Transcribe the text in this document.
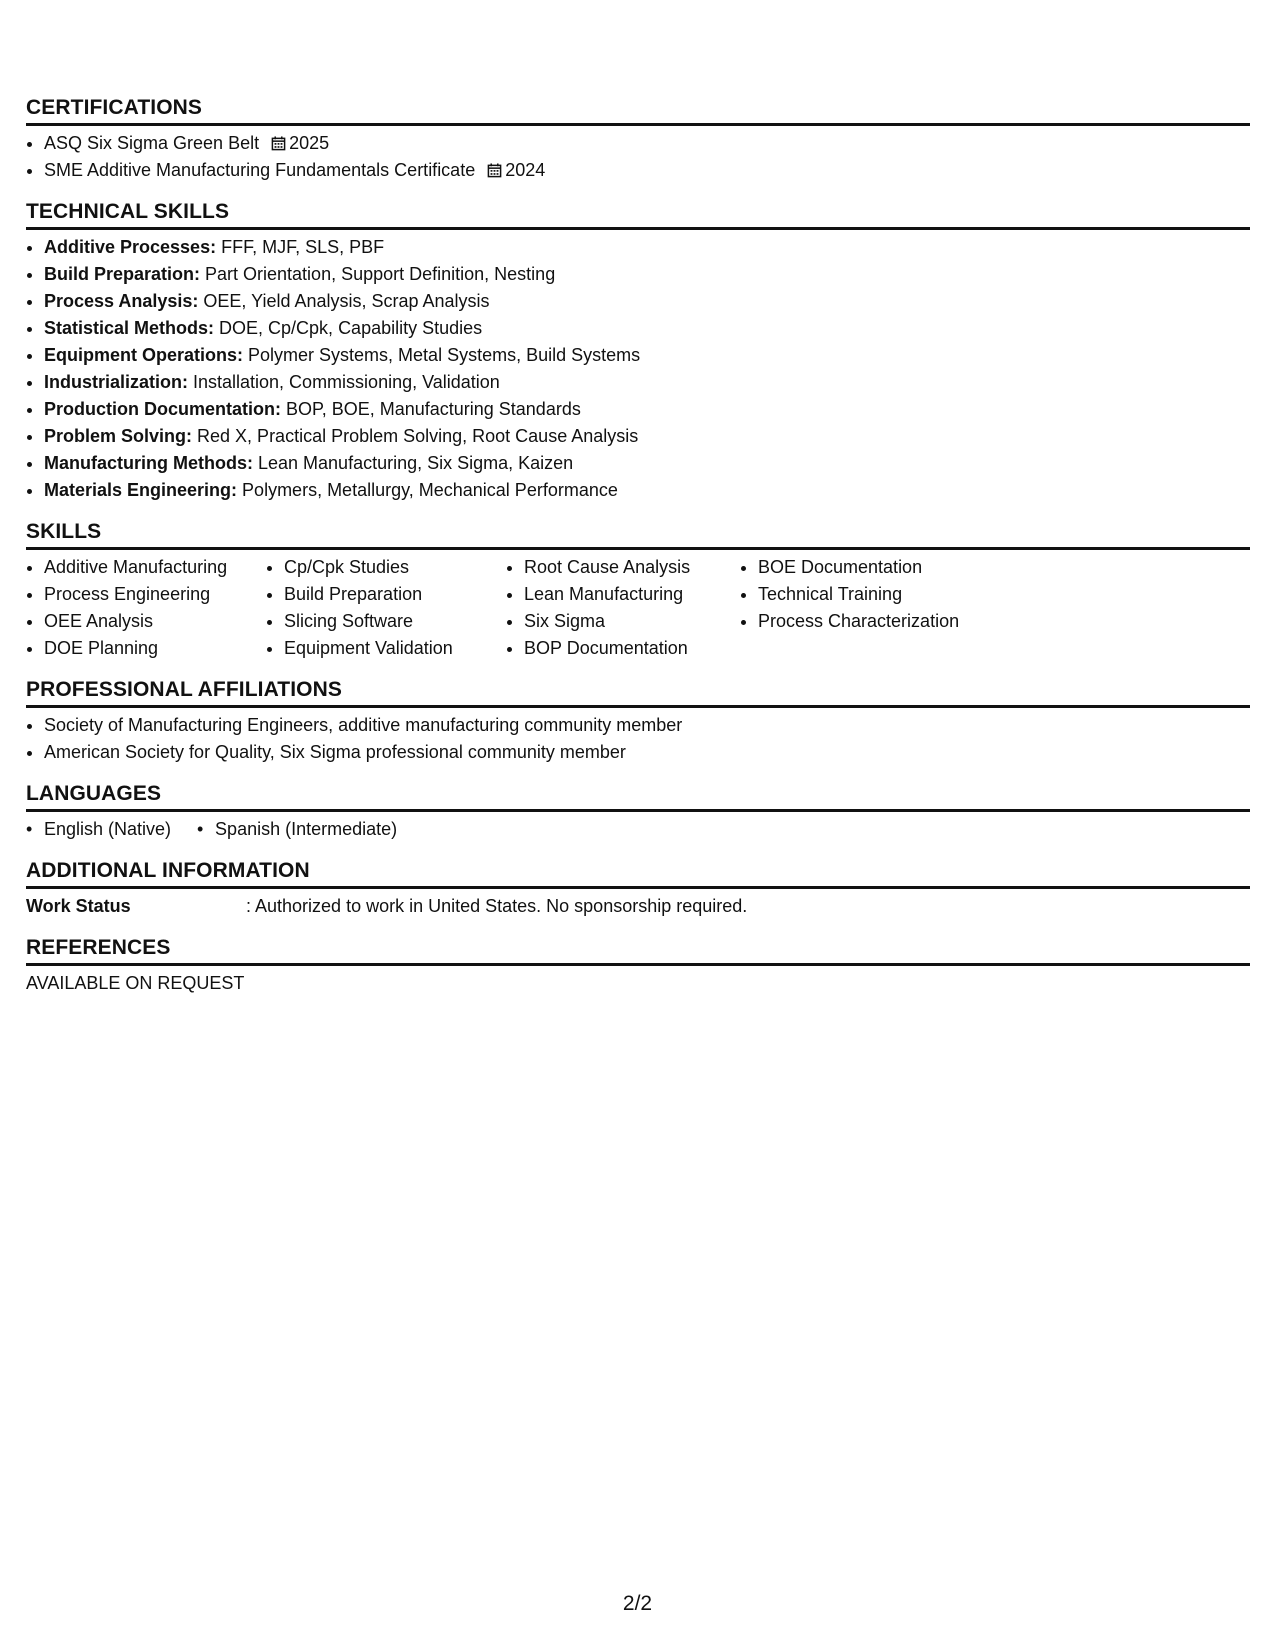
CERTIFICATIONS
• ASQ Six Sigma Green Belt 2025
• SME Additive Manufacturing Fundamentals Certificate 2024
TECHNICAL SKILLS
• Additive Processes: FFF, MJF, SLS, PBF
• Build Preparation: Part Orientation, Support Definition, Nesting
• Process Analysis: OEE, Yield Analysis, Scrap Analysis
• Statistical Methods: DOE, Cp/Cpk, Capability Studies
• Equipment Operations: Polymer Systems, Metal Systems, Build Systems
• Industrialization: Installation, Commissioning, Validation
• Production Documentation: BOP, BOE, Manufacturing Standards
• Problem Solving: Red X, Practical Problem Solving, Root Cause Analysis
• Manufacturing Methods: Lean Manufacturing, Six Sigma, Kaizen
• Materials Engineering: Polymers, Metallurgy, Mechanical Performance
SKILLS
• Additive Manufacturing
• Process Engineering
• OEE Analysis
• DOE Planning
• Cp/Cpk Studies
• Build Preparation
• Slicing Software
• Equipment Validation
• Root Cause Analysis
• Lean Manufacturing
• Six Sigma
• BOP Documentation
• BOE Documentation
• Technical Training
• Process Characterization
PROFESSIONAL AFFILIATIONS
• Society of Manufacturing Engineers, additive manufacturing community member
• American Society for Quality, Six Sigma professional community member
LANGUAGES
• English (Native)
•	Spanish (Intermediate)
ADDITIONAL INFORMATION
Work Status	: Authorized to work in United States. No sponsorship required.
REFERENCES

AVAILABLE ON REQUEST

2/2
